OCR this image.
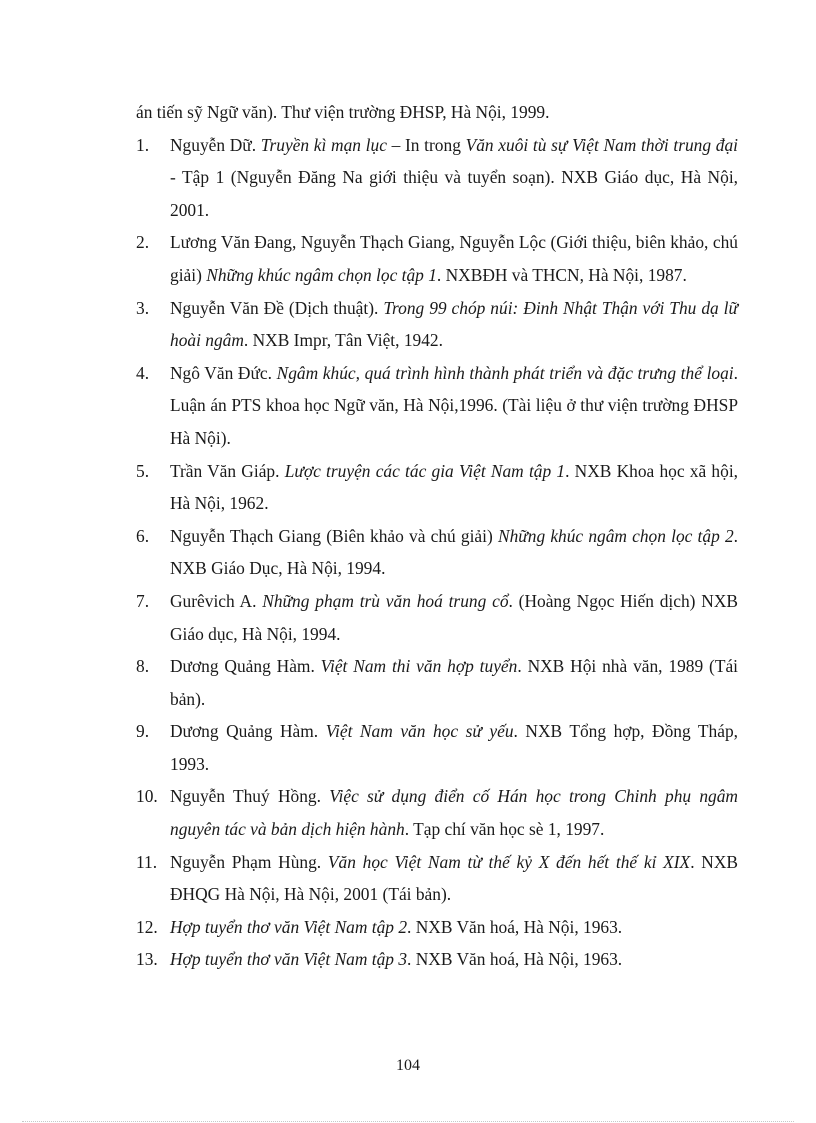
án tiến sỹ Ngữ văn). Thư viện trường ĐHSP, Hà Nội, 1999.
1.	Nguyễn Dữ. Truyền kì mạn lục – In trong Văn xuôi tù sự Việt Nam thời trung đại - Tập 1 (Nguyễn Đăng Na giới thiệu và tuyển soạn). NXB Giáo dục, Hà Nội, 2001.
2.	Lương Văn Đang, Nguyễn Thạch Giang, Nguyễn Lộc (Giới thiệu, biên khảo, chú giải) Những khúc ngâm chọn lọc tập 1. NXBĐH và THCN, Hà Nội, 1987.
3.	Nguyễn Văn Đề (Dịch thuật). Trong 99 chóp núi: Đinh Nhật Thận với Thu dạ lữ hoài ngâm. NXB Impr, Tân Việt, 1942.
4.	Ngô Văn Đức. Ngâm khúc, quá trình hình thành phát triển và đặc trưng thể loại. Luận án PTS khoa học Ngữ văn, Hà Nội,1996. (Tài liệu ở thư viện trường ĐHSP Hà Nội).
5.	Trần Văn Giáp. Lược truyện các tác gia Việt Nam tập 1. NXB Khoa học xã hội, Hà Nội, 1962.
6.	Nguyễn Thạch Giang (Biên khảo và chú giải) Những khúc ngâm chọn lọc tập 2. NXB Giáo Dục, Hà Nội, 1994.
7.	Gurêvich A. Những phạm trù văn hoá trung cổ. (Hoàng Ngọc Hiến dịch) NXB Giáo dục, Hà Nội, 1994.
8.	Dương Quảng Hàm. Việt Nam thi văn hợp tuyển. NXB Hội nhà văn, 1989 (Tái bản).
9.	Dương Quảng Hàm. Việt Nam văn học sử yếu. NXB Tổng hợp, Đồng Tháp, 1993.
10. Nguyễn Thuý Hồng. Việc sử dụng điển cố Hán học trong Chinh phụ ngâm nguyên tác và bản dịch hiện hành. Tạp chí văn học sè 1, 1997.
11. Nguyễn Phạm Hùng. Văn học Việt Nam từ thế kỷ X đến hết thế kỉ XIX. NXB ĐHQG Hà Nội, Hà Nội, 2001 (Tái bản).
12. Hợp tuyển thơ văn Việt Nam tập 2. NXB Văn hoá, Hà Nội, 1963.
13. Hợp tuyển thơ văn Việt Nam tập 3. NXB Văn hoá, Hà Nội, 1963.
104
